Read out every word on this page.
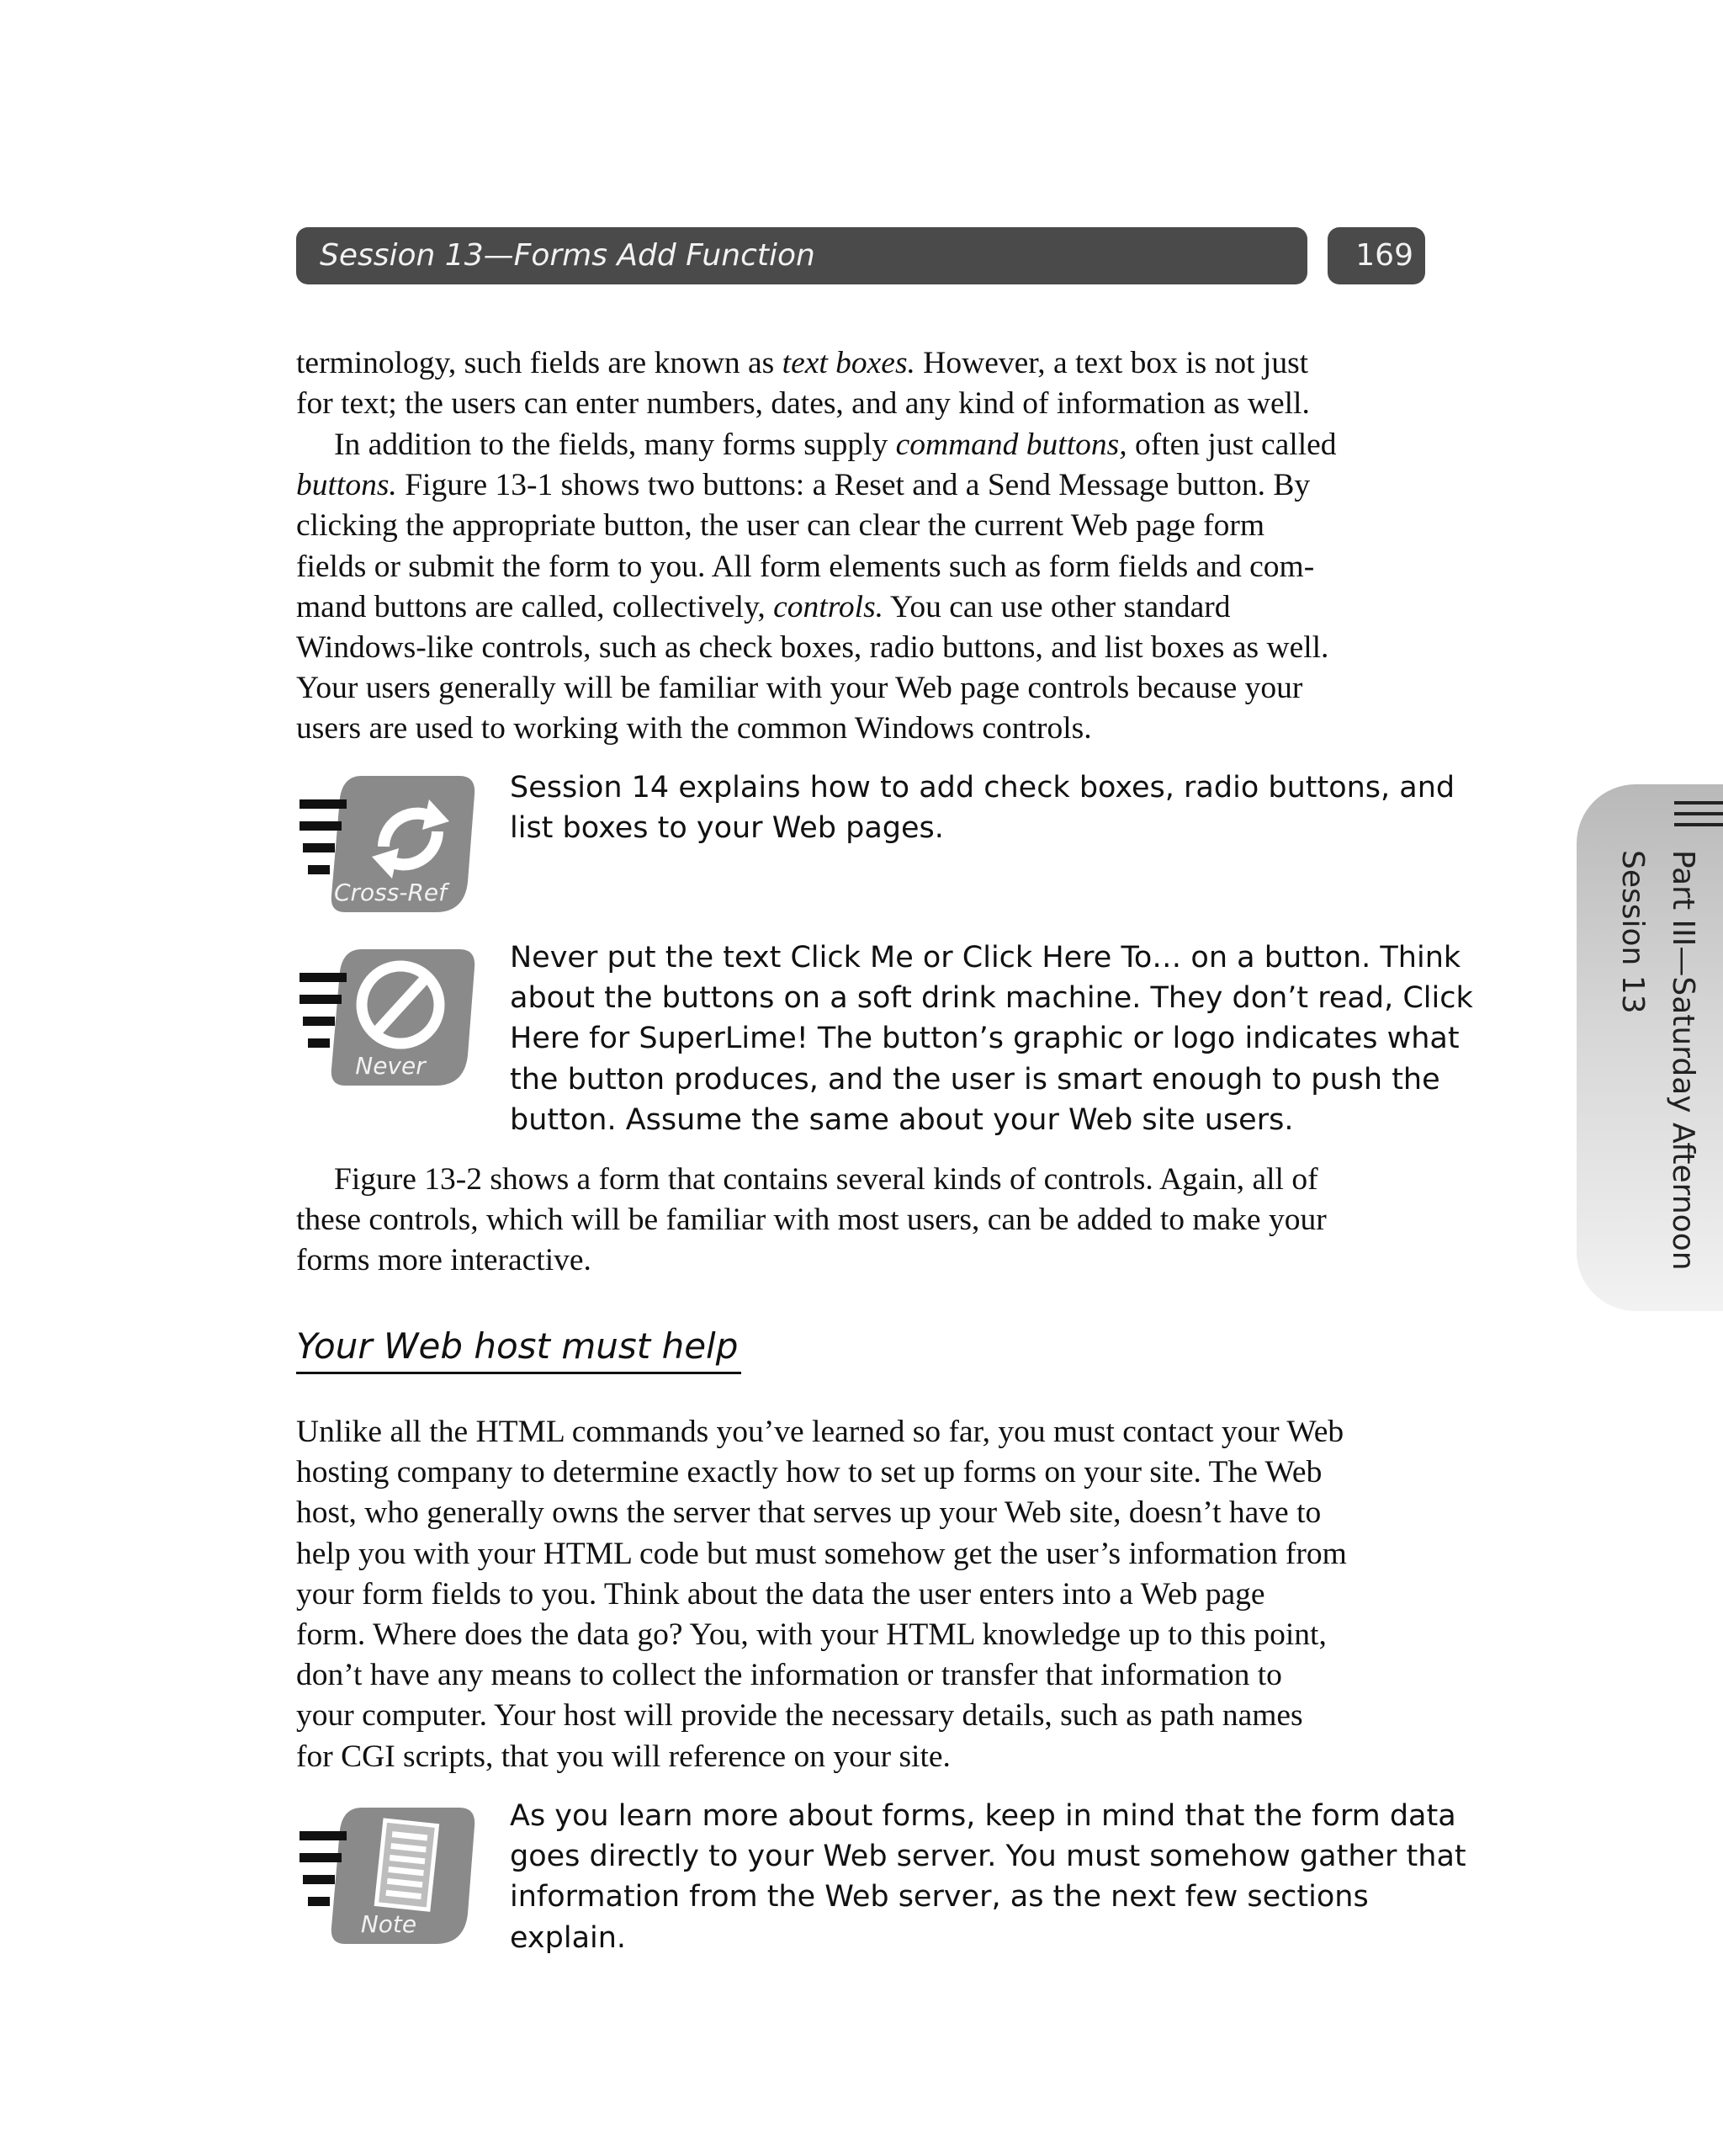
Session 13—Forms Add Function	169
terminology, such fields are known as text boxes. However, a text box is not just
for text; the users can enter numbers, dates, and any kind of information as well.
In addition to the fields, many forms supply command buttons, often just called
buttons. Figure 13-1 shows two buttons: a Reset and a Send Message button. By
clicking the appropriate button, the user can clear the current Web page form
fields or submit the form to you. All form elements such as form fields and com-
mand buttons are called, collectively, controls. You can use other standard
Windows-like controls, such as check boxes, radio buttons, and list boxes as well.
Your users generally will be familiar with your Web page controls because your
users are used to working with the common Windows controls.
Cross-Ref
Session 14 explains how to add check boxes, radio buttons, and
list boxes to your Web pages.
Never
Never put the text Click Me or Click Here To… on a button. Think
about the buttons on a soft drink machine. They don’t read, Click
Here for SuperLime! The button’s graphic or logo indicates what
the button produces, and the user is smart enough to push the
button. Assume the same about your Web site users.
Figure 13-2 shows a form that contains several kinds of controls. Again, all of
these controls, which will be familiar with most users, can be added to make your
forms more interactive.
Your Web host must help
Unlike all the HTML commands you’ve learned so far, you must contact your Web
hosting company to determine exactly how to set up forms on your site. The Web
host, who generally owns the server that serves up your Web site, doesn’t have to
help you with your HTML code but must somehow get the user’s information from
your form fields to you. Think about the data the user enters into a Web page
form. Where does the data go? You, with your HTML knowledge up to this point,
don’t have any means to collect the information or transfer that information to
your computer. Your host will provide the necessary details, such as path names
for CGI scripts, that you will reference on your site.
Note
As you learn more about forms, keep in mind that the form data
goes directly to your Web server. You must somehow gather that
information from the Web server, as the next few sections
explain.
Part III—Saturday Afternoon
Session 13
